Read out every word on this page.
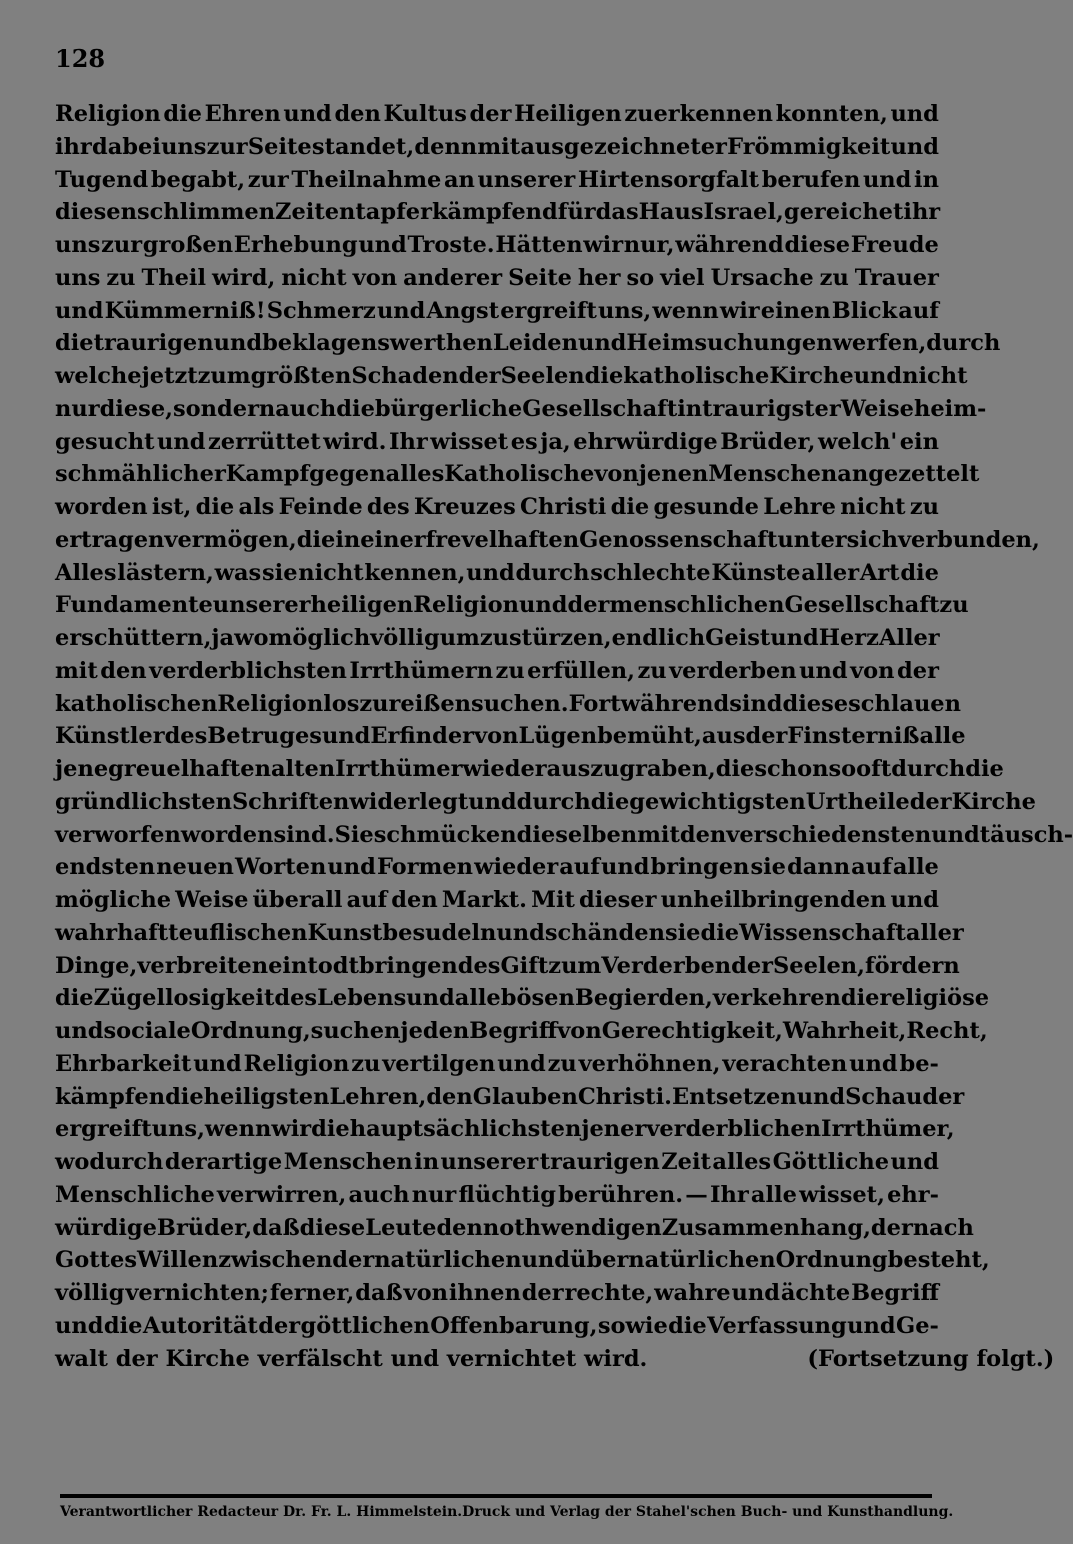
128
Religion die Ehren und den Kultus der Heiligen zuerkennen konnten, und
ihr dabei uns zur Seite standet, denn mit ausgezeichneter Frömmigkeit und
Tugend begabt, zur Theilnahme an unserer Hirtensorgfalt berufen und in
diesen schlimmen Zeiten tapfer kämpfend für das Haus Israel, gereichet ihr
uns zur großen Erhebung und Troste. Hätten wir nur, während diese Freude
uns zu Theil wird, nicht von anderer Seite her so viel Ursache zu Trauer
und Kümmerniß! Schmerz und Angst ergreift uns, wenn wir einen Blick auf
die traurigen und beklagenswerthen Leiden und Heimsuchungen werfen, durch
welche jetzt zum größten Schaden der Seelen die katholische Kirche und nicht
nur diese, sondern auch die bürgerliche Gesellschaft in traurigster Weise heim-
gesucht und zerrüttet wird. Ihr wisset es ja, ehrwürdige Brüder, welch' ein
schmählicher Kampf gegen alles Katholische von jenen Menschen angezettelt
worden ist, die als Feinde des Kreuzes Christi die gesunde Lehre nicht zu
ertragen vermögen, die in einer frevelhaften Genossenschaft unter sich verbunden,
Alles lästern, was sie nicht kennen, und durch schlechte Künste aller Art die
Fundamente unserer heiligen Religion und der menschlichen Gesellschaft zu
erschüttern, ja wo möglich völlig umzustürzen, endlich Geist und Herz Aller
mit den verderblichsten Irrthümern zu erfüllen, zu verderben und von der
katholischen Religion loszureißen suchen. Fortwährend sind diese schlauen
Künstler des Betruges und Erfinder von Lügen bemüht, aus der Finsterniß alle
jene greuelhaften alten Irrthümer wieder auszugraben, die schon so oft durch die
gründlichsten Schriften widerlegt und durch die gewichtigsten Urtheile der Kirche
verworfen worden sind. Sie schmücken dieselben mit den verschiedensten und täusch-
endsten neuen Worten und Formen wieder auf und bringen sie dann auf alle
mögliche Weise überall auf den Markt. Mit dieser unheilbringenden und
wahrhaft teuflischen Kunst besudeln und schänden sie die Wissenschaft aller
Dinge, verbreiten ein todtbringendes Gift zum Verderben der Seelen, fördern
die Zügellosigkeit des Lebens und alle bösen Begierden, verkehren die religiöse
und sociale Ordnung, suchen jeden Begriff von Gerechtigkeit, Wahrheit, Recht,
Ehrbarkeit und Religion zu vertilgen und zu verhöhnen, verachten und be-
kämpfen die heiligsten Lehren, den Glauben Christi. Entsetzen und Schauder
ergreift uns, wenn wir die hauptsächlichsten jener verderblichen Irrthümer,
wodurch derartige Menschen in unserer traurigen Zeit alles Göttliche und
Menschliche verwirren, auch nur flüchtig berühren. — Ihr alle wisset, ehr-
würdige Brüder, daß diese Leute den nothwendigen Zusammenhang, der nach
Gottes Willen zwischen der natürlichen und übernatürlichen Ordnung besteht,
völlig vernichten; ferner, daß von ihnen der rechte, wahre und ächte Begriff
und die Autorität der göttlichen Offenbarung, sowie die Verfassung und Ge-
walt der Kirche verfälscht und vernichtet wird.	(Fortsetzung folgt.)
Verantwortlicher Redacteur Dr. Fr. L. Himmelstein. Druck und Verlag der Stahel'schen Buch- und Kunsthandlung.
